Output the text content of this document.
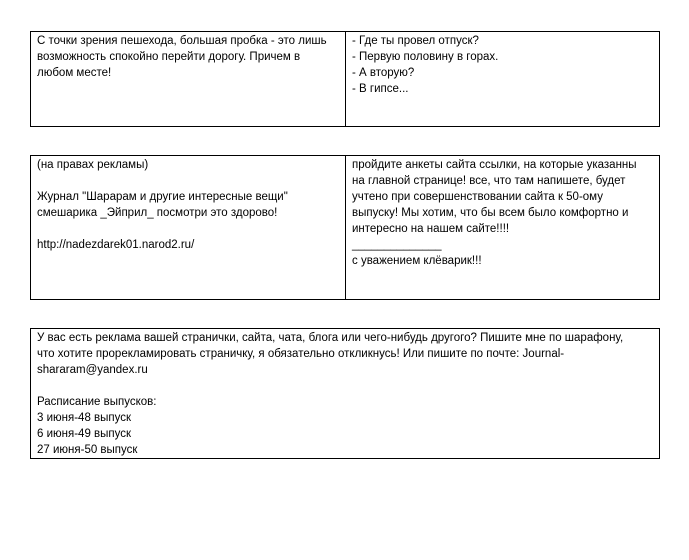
С точки зрения пешехода, большая пробка - это лишь
возможность спокойно перейти дорогу. Причем в
любом месте!
- Где ты провел отпуск?
- Первую половину в горах.
- А вторую?
- В гипсе...
(на правах рекламы)
Журнал "Шарарам и другие интересные вещи"
смешарика _Эйприл_ посмотри это здорово!
http://nadezdarek01.narod2.ru/
пройдите анкеты сайта ссылки, на которые указанны
на главной странице! все, что там напишете, будет
учтено при совершенствовании сайта к 50-ому
выпуску! Мы хотим, что бы всем было комфортно и
интересно на нашем сайте!!!!
______________
с уважением клёварик!!!
У вас есть реклама вашей странички, сайта, чата, блога или чего-нибудь другого? Пишите мне по шарафону,
что хотите прорекламировать страничку, я обязательно откликнусь! Или пишите по почте: Journal-
shararam@yandex.ru
Расписание выпусков:
3 июня-48 выпуск
6 июня-49 выпуск
27 июня-50 выпуск
